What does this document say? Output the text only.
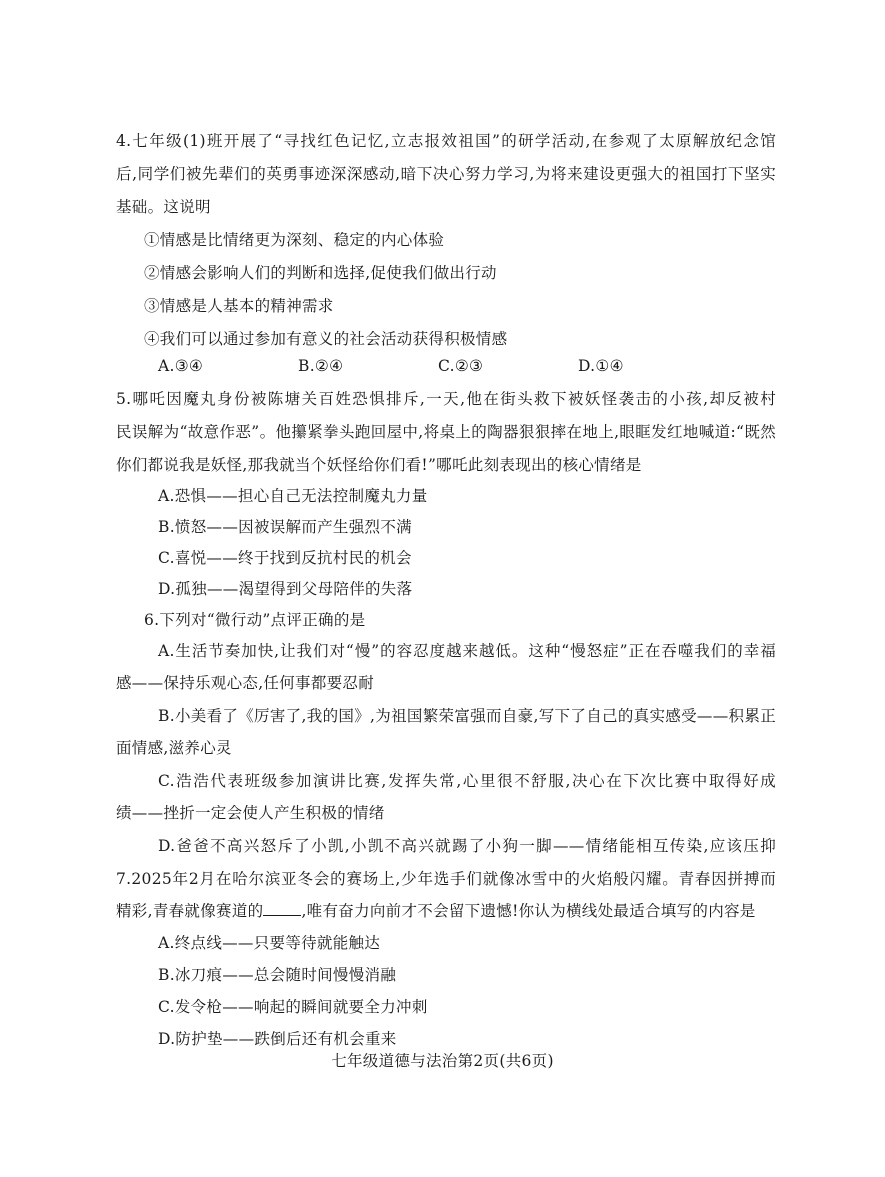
4.七年级(1)班开展了“寻找红色记忆,立志报效祖国”的研学活动,在参观了太原解放纪念馆
后,同学们被先辈们的英勇事迹深深感动,暗下决心努力学习,为将来建设更强大的祖国打下坚实
基础。这说明
①情感是比情绪更为深刻、稳定的内心体验
②情感会影响人们的判断和选择,促使我们做出行动
③情感是人基本的精神需求
④我们可以通过参加有意义的社会活动获得积极情感
A.③④	B.②④	C.②③	D.①④
5.哪吒因魔丸身份被陈塘关百姓恐惧排斥,一天,他在街头救下被妖怪袭击的小孩,却反被村
民误解为“故意作恶”。他攥紧拳头跑回屋中,将桌上的陶器狠狠摔在地上,眼眶发红地喊道:“既然
你们都说我是妖怪,那我就当个妖怪给你们看!”哪吒此刻表现出的核心情绪是
A.恐惧——担心自己无法控制魔丸力量
B.愤怒——因被误解而产生强烈不满
C.喜悦——终于找到反抗村民的机会
D.孤独——渴望得到父母陪伴的失落
6.下列对“微行动”点评正确的是
A.生活节奏加快,让我们对“慢”的容忍度越来越低。这种“慢怒症”正在吞噬我们的幸福
感——保持乐观心态,任何事都要忍耐
B.小美看了《厉害了,我的国》,为祖国繁荣富强而自豪,写下了自己的真实感受——积累正
面情感,滋养心灵
C.浩浩代表班级参加演讲比赛,发挥失常,心里很不舒服,决心在下次比赛中取得好成
绩——挫折一定会使人产生积极的情绪
D.爸爸不高兴怒斥了小凯,小凯不高兴就踢了小狗一脚——情绪能相互传染,应该压抑
7.2025年2月在哈尔滨亚冬会的赛场上,少年选手们就像冰雪中的火焰般闪耀。青春因拼搏而
精彩,青春就像赛道的 ,唯有奋力向前才不会留下遗憾!你认为横线处最适合填写的内容是
A.终点线——只要等待就能触达
B.冰刀痕——总会随时间慢慢消融
C.发令枪——响起的瞬间就要全力冲刺
D.防护垫——跌倒后还有机会重来
七年级道德与法治第2页(共6页)
